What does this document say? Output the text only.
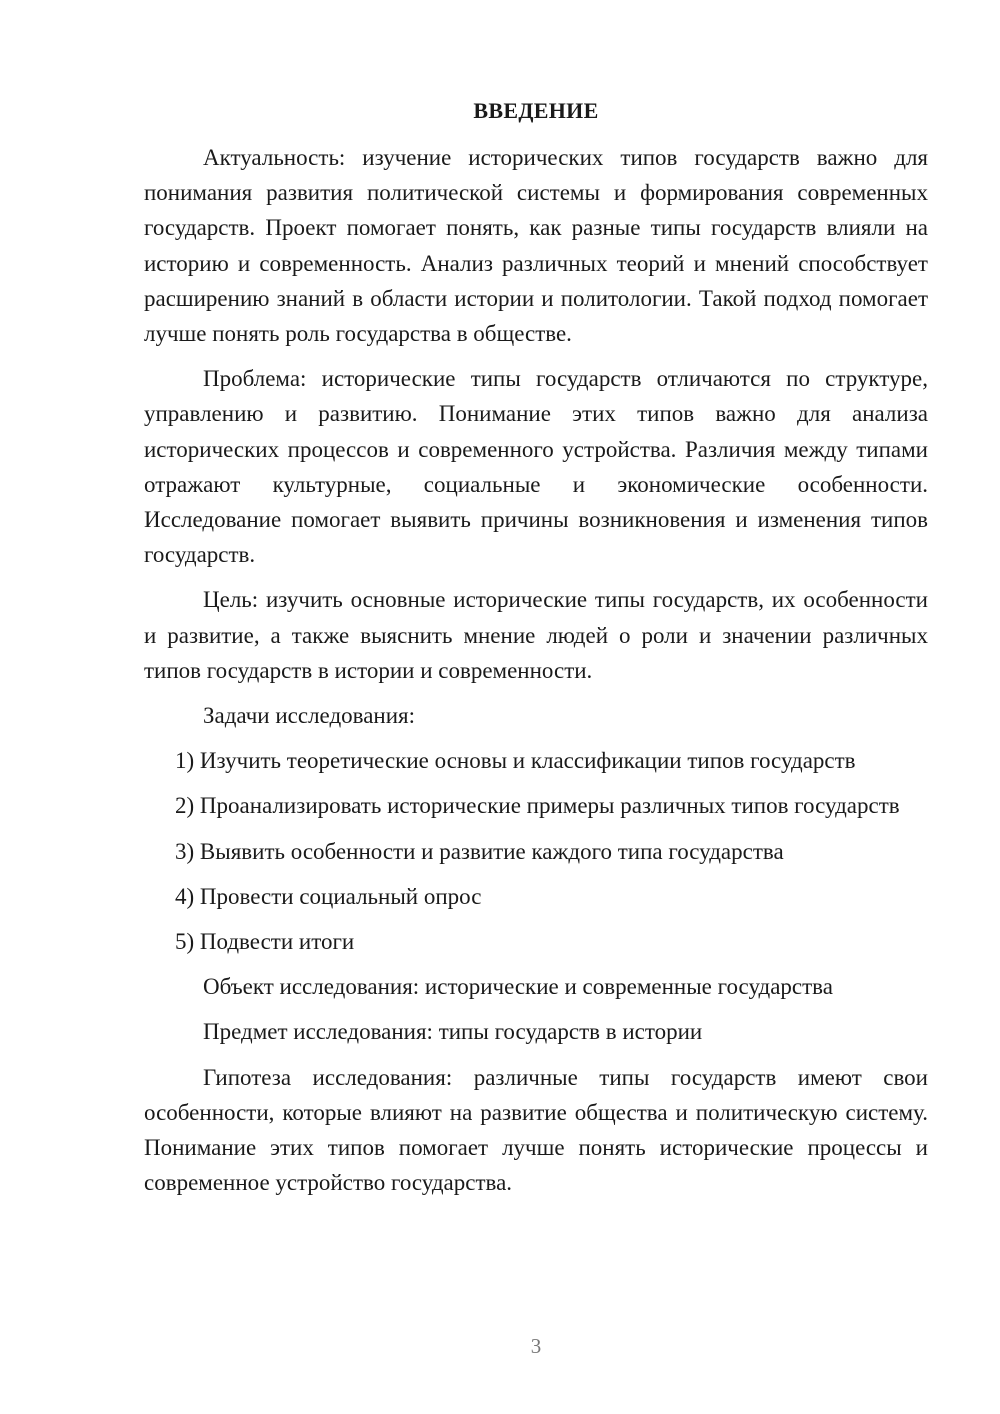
ВВЕДЕНИЕ

Актуальность: изучение исторических типов государств важно для понимания развития политической системы и формирования современных государств. Проект помогает понять, как разные типы государств влияли на историю и современность. Анализ различных теорий и мнений способствует расширению знаний в области истории и политологии. Такой подход помогает лучше понять роль государства в обществе.

Проблема: исторические типы государств отличаются по структуре, управлению и развитию. Понимание этих типов важно для анализа исторических процессов и современного устройства. Различия между типами отражают культурные, социальные и экономические особенности. Исследование помогает выявить причины возникновения и изменения типов государств.

Цель: изучить основные исторические типы государств, их особенности и развитие, а также выяснить мнение людей о роли и значении различных типов государств в истории и современности.

Задачи исследования:

1) Изучить теоретические основы и классификации типов государств

2) Проанализировать исторические примеры различных типов государств

3) Выявить особенности и развитие каждого типа государства

4) Провести социальный опрос

5) Подвести итоги

Объект исследования: исторические и современные государства

Предмет исследования: типы государств в истории

Гипотеза исследования: различные типы государств имеют свои особенности, которые влияют на развитие общества и политическую систему. Понимание этих типов помогает лучше понять исторические процессы и современное устройство государства.

3
